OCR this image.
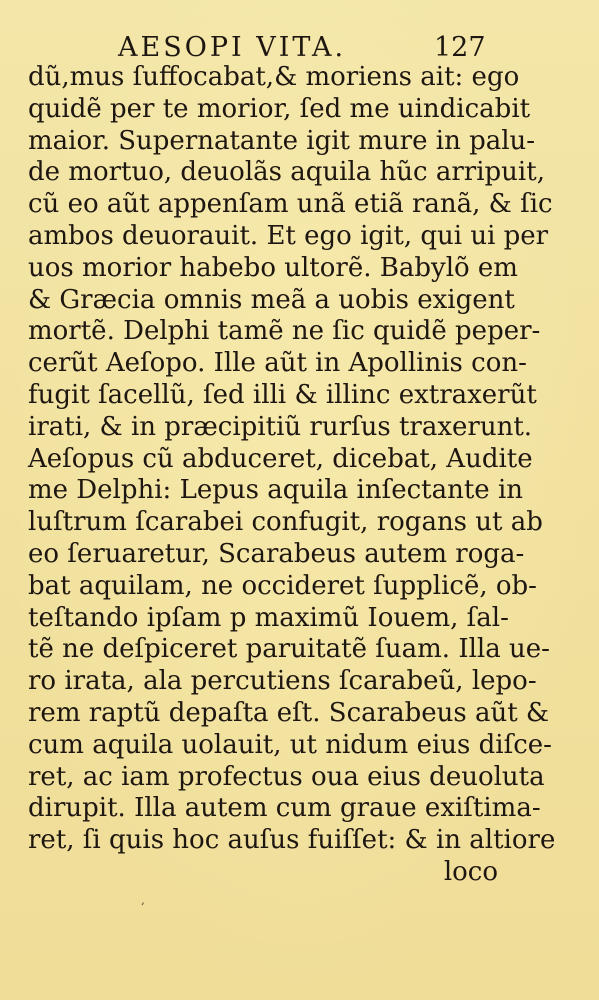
AESOPI VITA.	127
dũ,mus ſuffocabat,& moriens ait: ego
quidẽ per te morior, ſed me uindicabit
maior. Supernatante igit mure in palu‑
de mortuo, deuolãs aquila hũc arripuit,
cũ eo aũt appenſam unã etiã ranã, & ſic
ambos deuorauit. Et ego igit, qui ui per
uos morior habebo ultorẽ. Babylõ em
& Græcia omnis meã a uobis exigent
mortẽ. Delphi tamẽ ne ſic quidẽ peper‑
cerũt Aeſopo. Ille aũt in Apollinis con‑
fugit ſacellũ, ſed illi & illinc extraxerũt
irati, & in præcipitiũ rurſus traxerunt.
Aeſopus cũ abduceret, dicebat, Audite
me Delphi: Lepus aquila inſectante in
luſtrum ſcarabei confugit, rogans ut ab
eo ſeruaretur, Scarabeus autem roga‑
bat aquilam, ne occideret ſupplicẽ, ob‑
teſtando ipſam p maximũ Iouem, ſal‑
tẽ ne deſpiceret paruitatẽ ſuam. Illa ue‑
ro irata, ala percutiens ſcarabeũ, lepo‑
rem raptũ depaſta eſt. Scarabeus aũt &
cum aquila uolauit, ut nidum eius diſce‑
ret, ac iam profectus oua eius deuoluta
dirupit. Illa autem cum graue exiſtima‑
ret, ſi quis hoc auſus fuiſſet: & in altiore
loco
,
